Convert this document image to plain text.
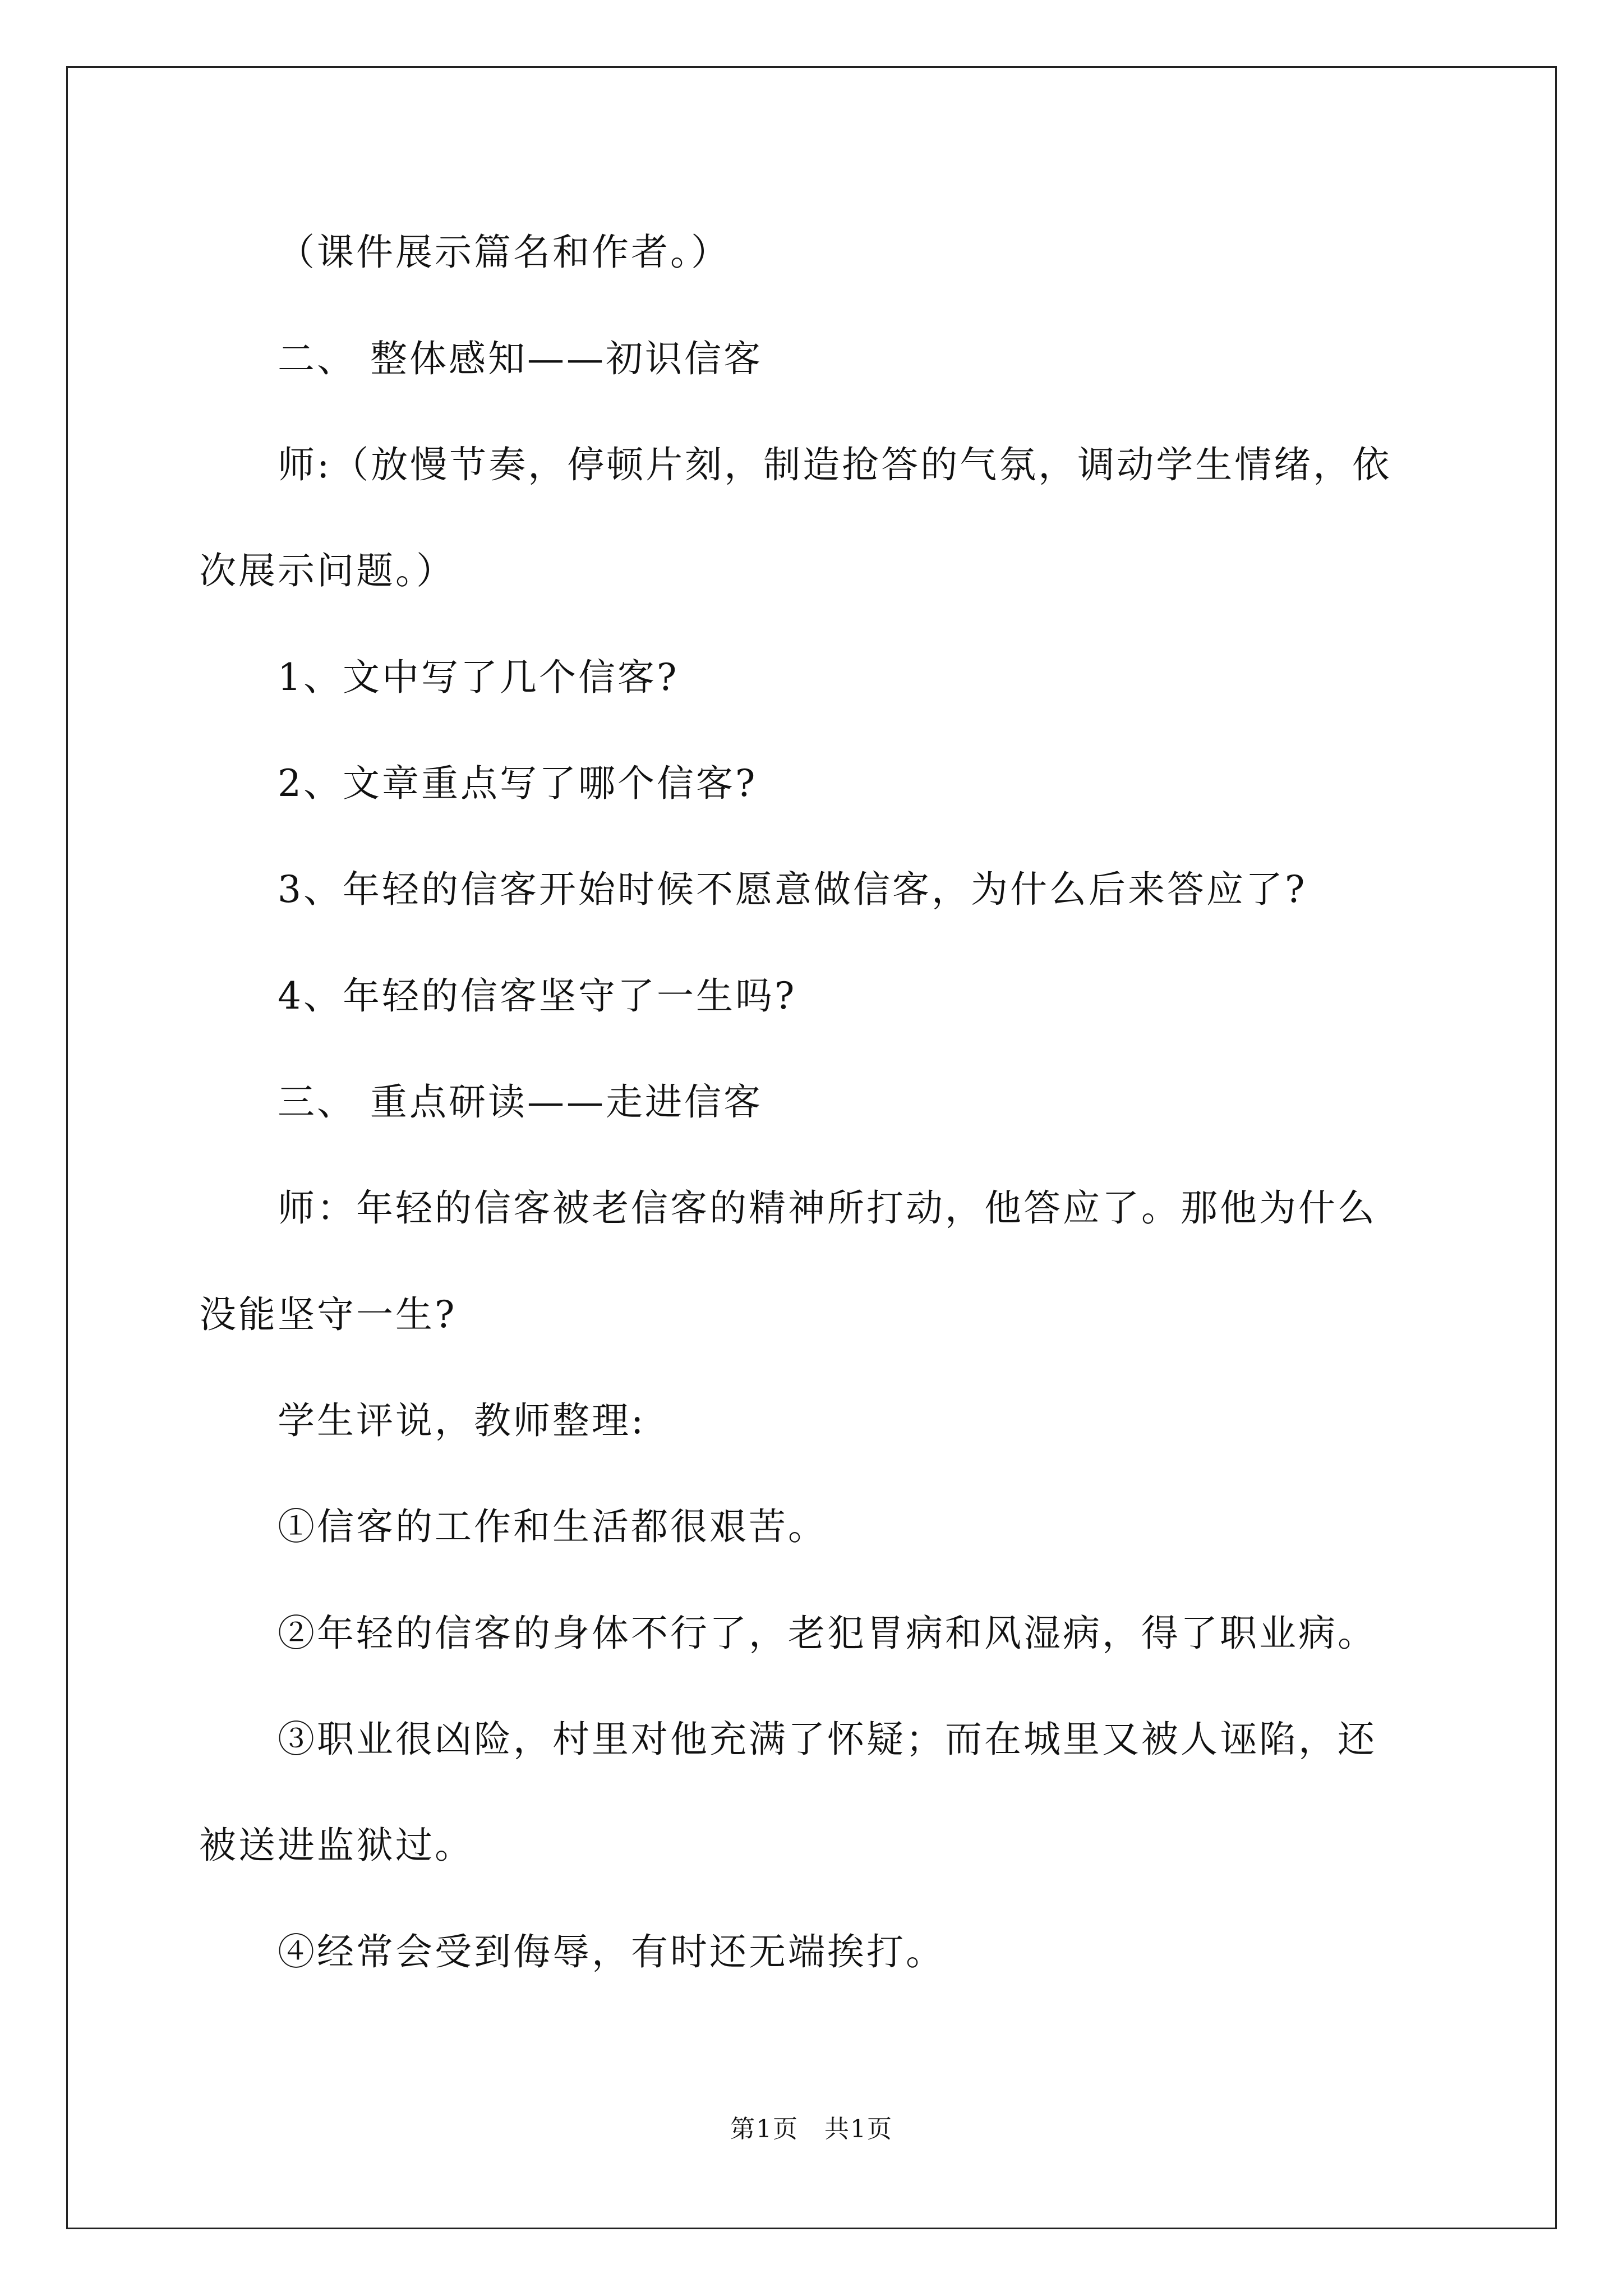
（课件展示篇名和作者。）
二、 整体感知——初识信客
师:（放慢节奏，停顿片刻，制造抢答的气氛，调动学生情绪，依
次展示问题。）
1、文中写了几个信客?
2、文章重点写了哪个信客?
3、年轻的信客开始时候不愿意做信客，为什么后来答应了?
4、年轻的信客坚守了一生吗?
三、 重点研读——走进信客
师：年轻的信客被老信客的精神所打动，他答应了。那他为什么
没能坚守一生?
学生评说，教师整理:
①信客的工作和生活都很艰苦。
②年轻的信客的身体不行了，老犯胃病和风湿病，得了职业病。
③职业很凶险，村里对他充满了怀疑；而在城里又被人诬陷，还
被送进监狱过。
④经常会受到侮辱，有时还无端挨打。
第1页　共1页
